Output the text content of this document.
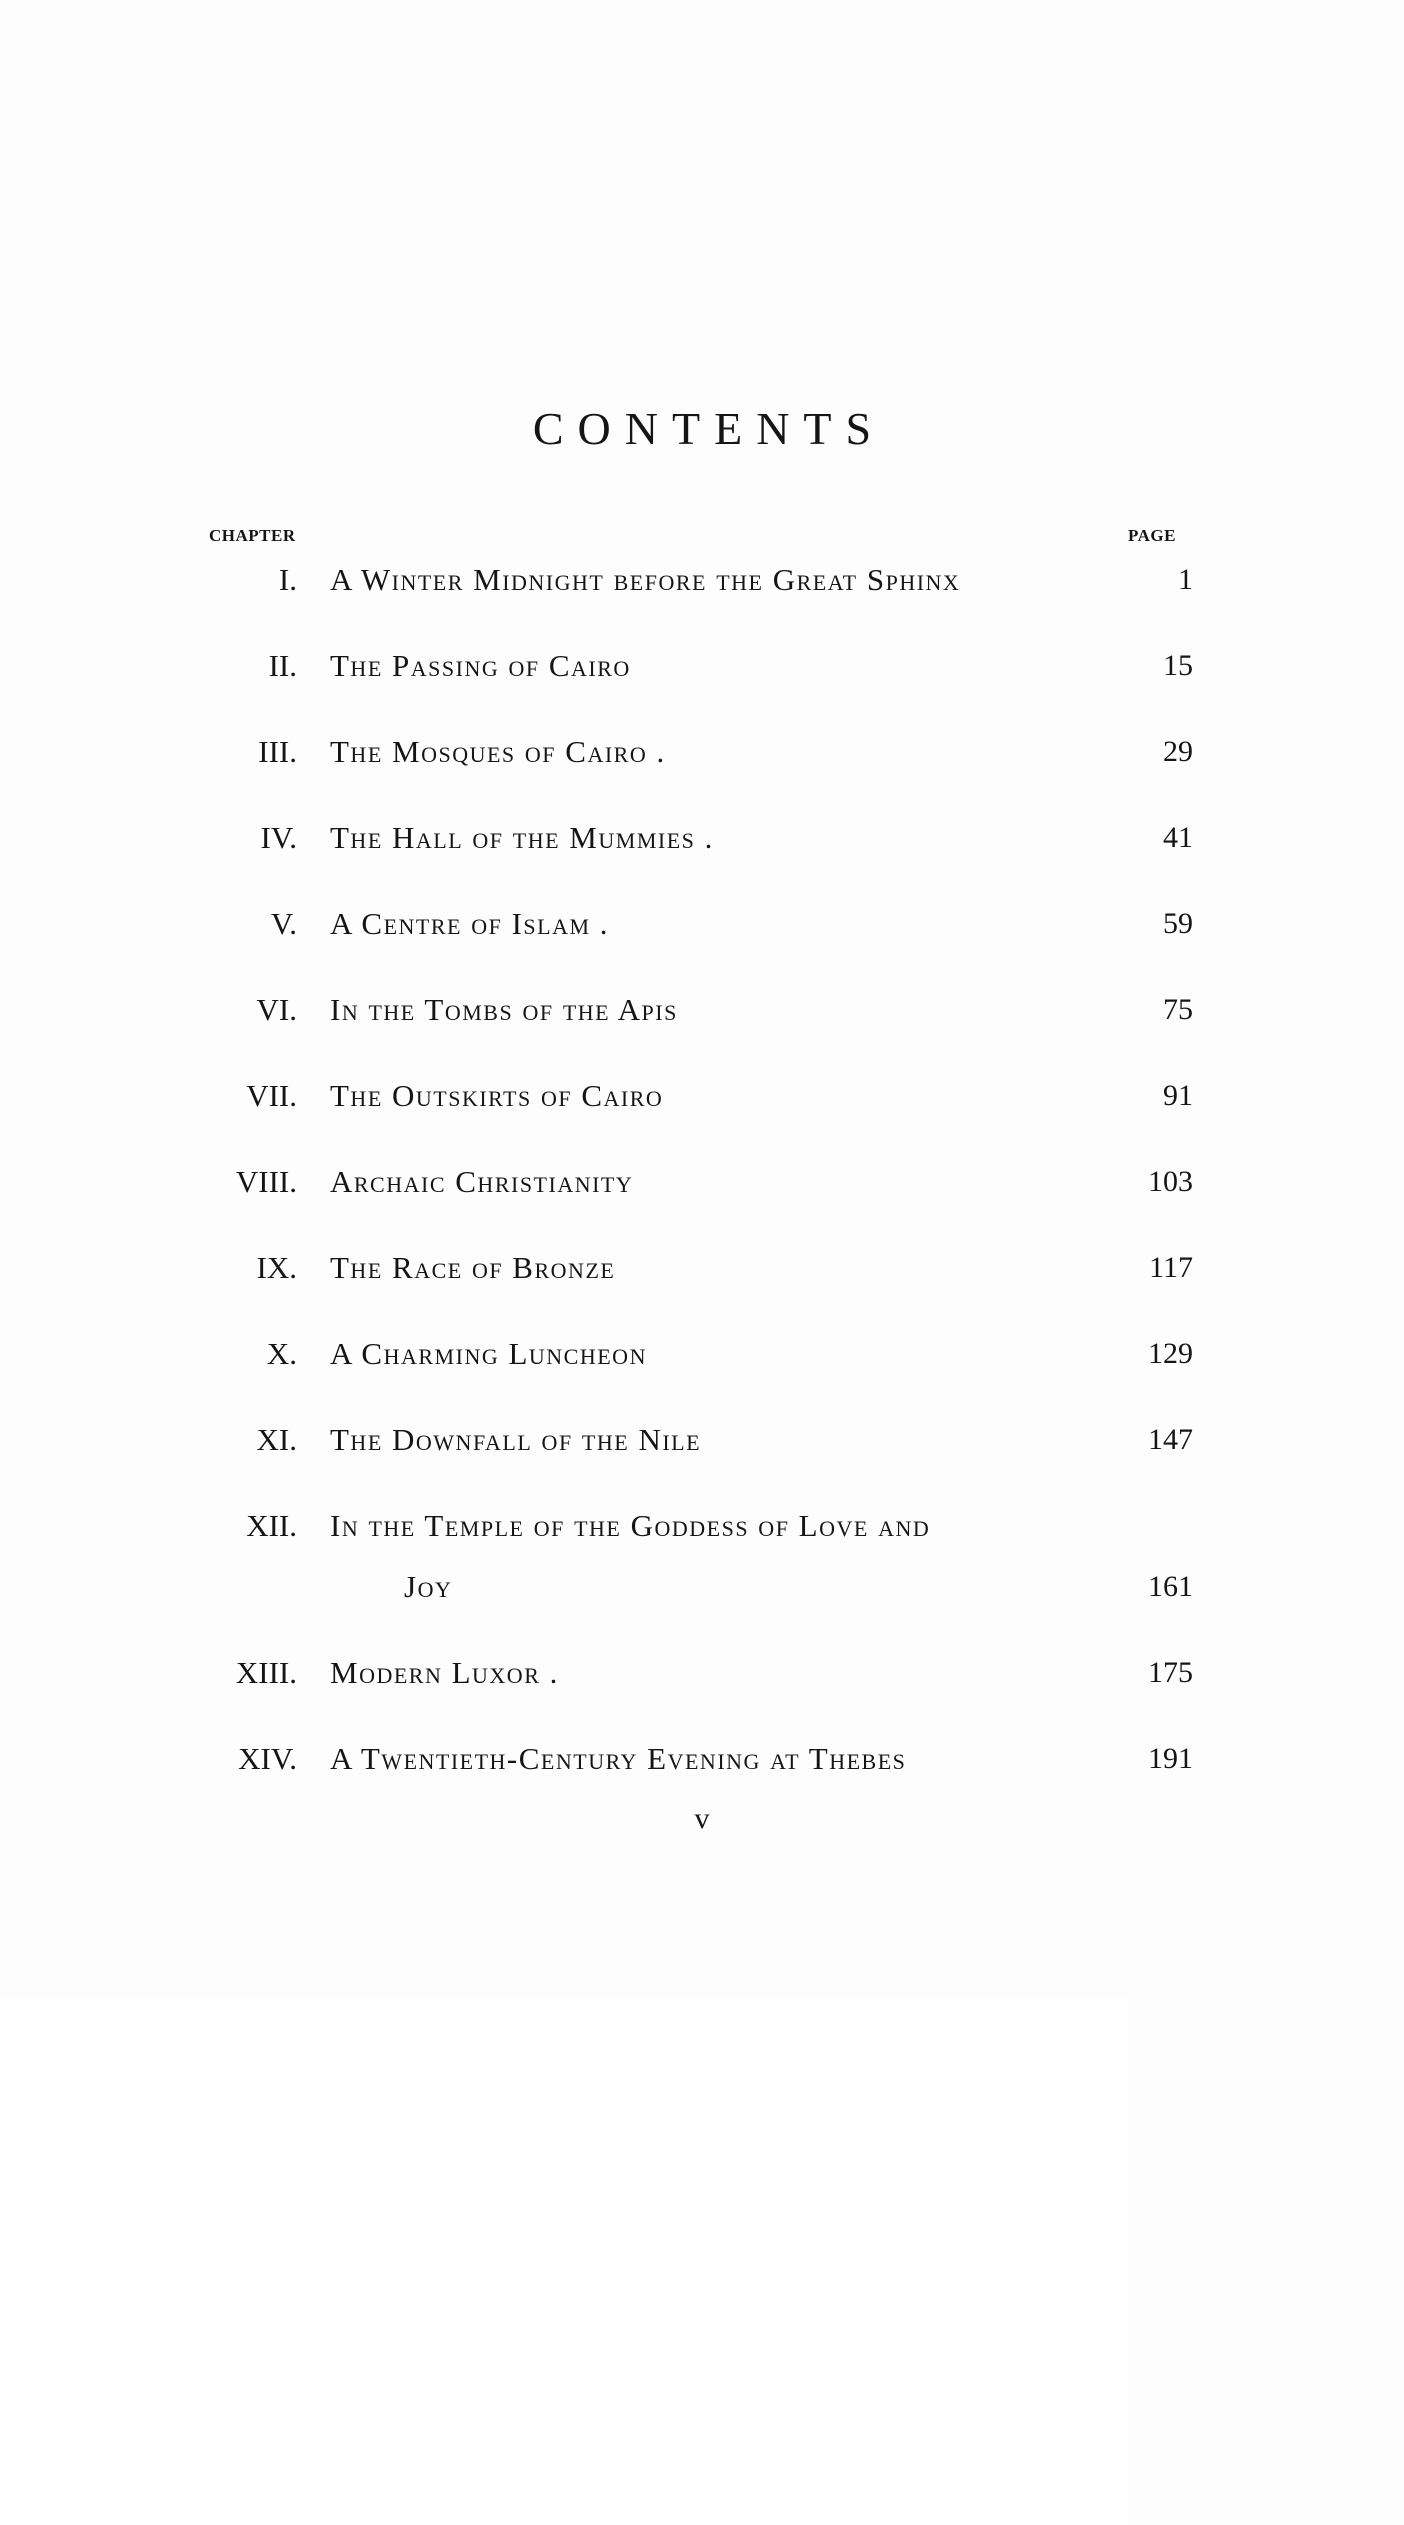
CONTENTS
CHAPTER	PAGE
I. A Winter Midnight before the Great Sphinx	1
II. The Passing of Cairo	15
III. The Mosques of Cairo .	29
IV. The Hall of the Mummies .	41
V. A Centre of Islam .	59
VI. In the Tombs of the Apis	75
VII. The Outskirts of Cairo	91
VIII. Archaic Christianity	103
IX. The Race of Bronze	117
X. A Charming Luncheon	129
XI. The Downfall of the Nile	147
XII. In the Temple of the Goddess of Love and
Joy	161
XIII. Modern Luxor .	175
XIV. A Twentieth-Century Evening at Thebes	191
v
